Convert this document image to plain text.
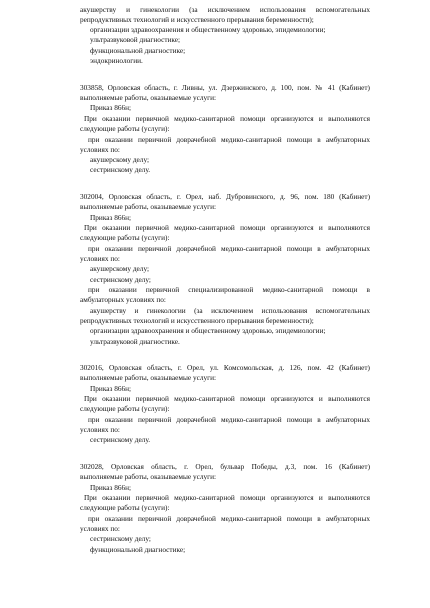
акушерству и гинекологии (за исключением использования вспомогательных
репродуктивных технологий и искусственного прерывания беременности);
организации здравоохранения и общественному здоровью, эпидемиологии;
ультразвуковой диагностике;
функциональной диагностике;
эндокринологии.
303858, Орловская область, г. Ливны, ул. Дзержинского, д. 100, пом. № 41 (Кабинет)
выполняемые работы, оказываемые услуги:
Приказ 866н;
При оказании первичной медико-санитарной помощи организуются и выполняются
следующие работы (услуги):
при оказании первичной доврачебной медико-санитарной помощи в амбулаторных
условиях по:
акушерскому делу;
сестринскому делу.
302004, Орловская область, г. Орел, наб. Дубровинского, д. 96, пом. 180 (Кабинет)
выполняемые работы, оказываемые услуги:
Приказ 866н;
При оказании первичной медико-санитарной помощи организуются и выполняются
следующие работы (услуги):
при оказании первичной доврачебной медико-санитарной помощи в амбулаторных
условиях по:
акушерскому делу;
сестринскому делу;
при оказании первичной специализированной медико-санитарной помощи в
амбулаторных условиях по:
акушерству и гинекологии (за исключением использования вспомогательных
репродуктивных технологий и искусственного прерывания беременности);
организации здравоохранения и общественному здоровью, эпидемиологии;
ультразвуковой диагностике.
302016, Орловская область, г. Орел, ул. Комсомольская, д. 126, пом. 42 (Кабинет)
выполняемые работы, оказываемые услуги:
Приказ 866н;
При оказании первичной медико-санитарной помощи организуются и выполняются
следующие работы (услуги):
при оказании первичной доврачебной медико-санитарной помощи в амбулаторных
условиях по:
сестринскому делу.
302028, Орловская область, г. Орел, бульвар Победы, д.3, пом. 16 (Кабинет)
выполняемые работы, оказываемые услуги:
Приказ 866н;
При оказании первичной медико-санитарной помощи организуются и выполняются
следующие работы (услуги):
при оказании первичной доврачебной медико-санитарной помощи в амбулаторных
условиях по:
сестринскому делу;
функциональной диагностике;
